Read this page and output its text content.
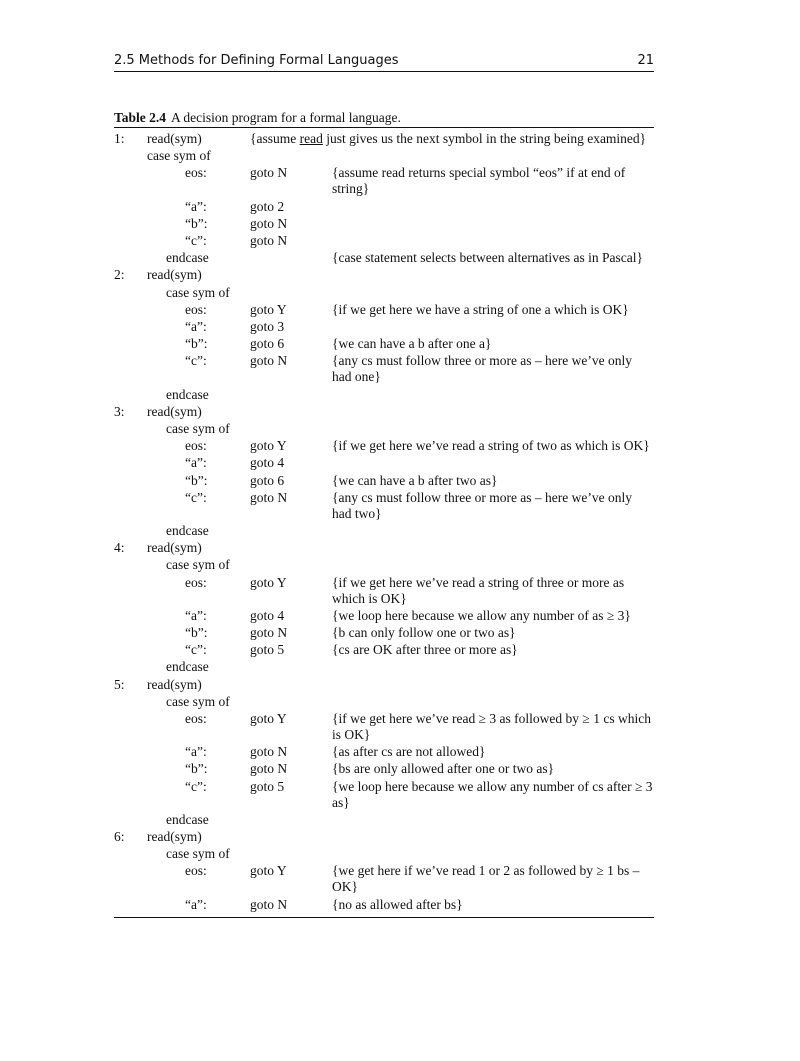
2.5 Methods for Defining Formal Languages	21
Table 2.4 A decision program for a formal language.
1: read(sym)	{assume read just gives us the next symbol in the string being examined}
case sym of
eos:	goto N	{assume read returns special symbol “eos” if at end of string}
“a”:	goto 2
“b”:	goto N
“c”:	goto N
endcase	{case statement selects between alternatives as in Pascal}
2: read(sym)
case sym of
eos:	goto Y	{if we get here we have a string of one a which is OK}
“a”:	goto 3
“b”:	goto 6	{we can have a b after one a}
“c”:	goto N	{any cs must follow three or more as – here we’ve only had one}
endcase
3: read(sym)
case sym of
eos:	goto Y	{if we get here we’ve read a string of two as which is OK}
“a”:	goto 4
“b”:	goto 6	{we can have a b after two as}
“c”:	goto N	{any cs must follow three or more as – here we’ve only had two}
endcase
4: read(sym)
case sym of
eos:	goto Y	{if we get here we’ve read a string of three or more as which is OK}
“a”:	goto 4	{we loop here because we allow any number of as ≥ 3}
“b”:	goto N	{b can only follow one or two as}
“c”:	goto 5	{cs are OK after three or more as}
endcase
5: read(sym)
case sym of
eos:	goto Y	{if we get here we’ve read ≥ 3 as followed by ≥ 1 cs which is OK}
“a”:	goto N	{as after cs are not allowed}
“b”:	goto N	{bs are only allowed after one or two as}
“c”:	goto 5	{we loop here because we allow any number of cs after ≥ 3 as}
endcase
6: read(sym)
case sym of
eos:	goto Y	{we get here if we’ve read 1 or 2 as followed by ≥ 1 bs – OK}
“a”:	goto N	{no as allowed after bs}
